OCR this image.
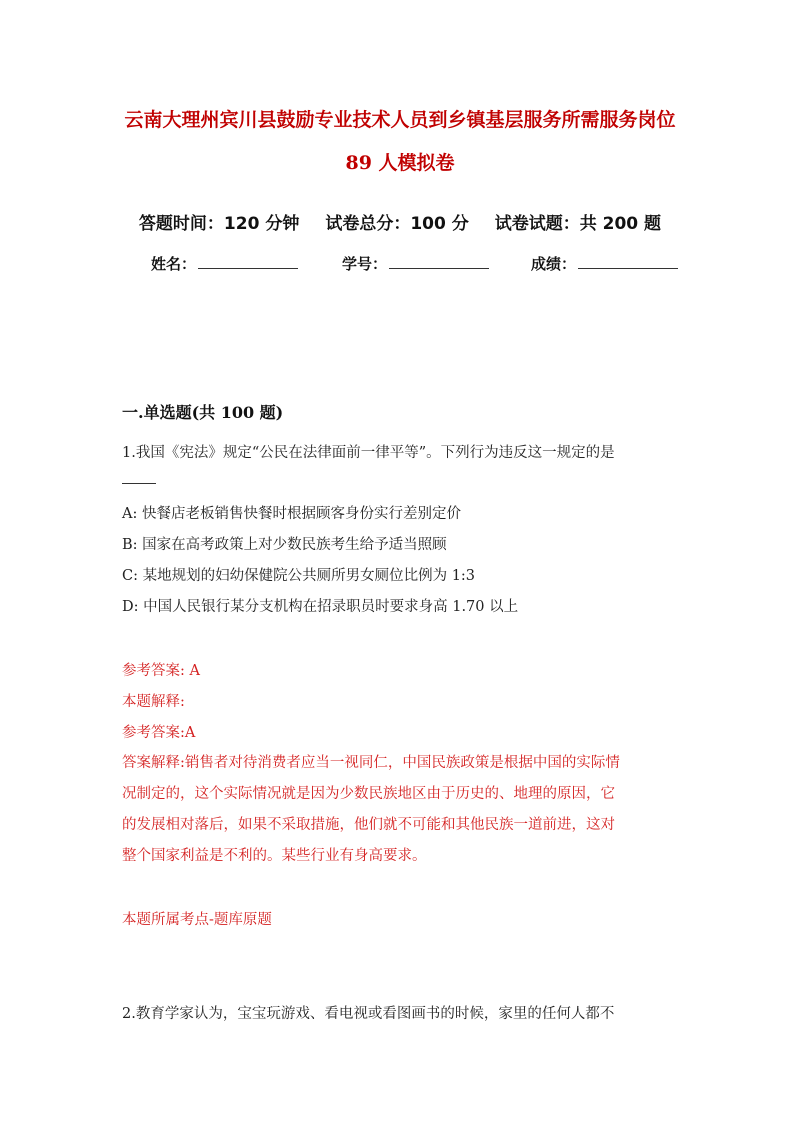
云南大理州宾川县鼓励专业技术人员到乡镇基层服务所需服务岗位
89 人模拟卷
答题时间：120 分钟 试卷总分：100 分 试卷试题：共 200 题
姓名：	学号：	成绩：
一.单选题(共 100 题)
1.我国《宪法》规定“公民在法律面前一律平等”。下列行为违反这一规定的是
A: 快餐店老板销售快餐时根据顾客身份实行差别定价
B: 国家在高考政策上对少数民族考生给予适当照顾
C: 某地规划的妇幼保健院公共厕所男女厕位比例为 1:3
D: 中国人民银行某分支机构在招录职员时要求身高 1.70 以上
参考答案: A
本题解释:
参考答案:A
答案解释:销售者对待消费者应当一视同仁，中国民族政策是根据中国的实际情
况制定的，这个实际情况就是因为少数民族地区由于历史的、地理的原因，它
的发展相对落后，如果不采取措施，他们就不可能和其他民族一道前进，这对
整个国家利益是不利的。某些行业有身高要求。
本题所属考点-题库原题
2.教育学家认为，宝宝玩游戏、看电视或看图画书的时候，家里的任何人都不
